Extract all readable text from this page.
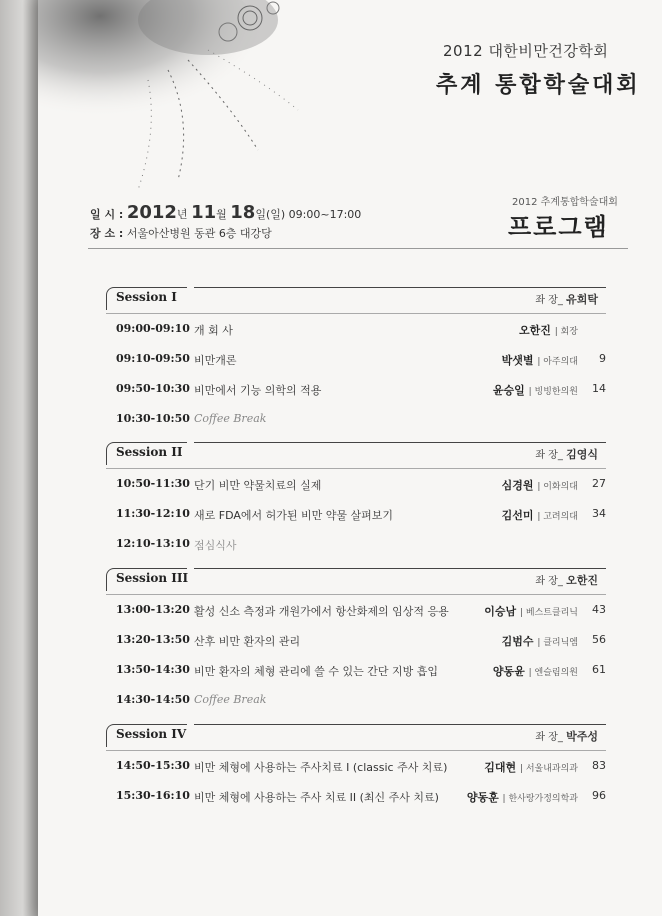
2012 대한비만건강학회
추계 통합학술대회
일 시 : 2012년 11월 18일(일) 09:00~17:00
장 소 : 서울아산병원 동관 6층 대강당
2012 추계통합학술대회
프로그램
Session I	좌 장_ 유희탁
09:00-09:10 개 회 사	오한진 | 회장
09:10-09:50 비만개론	박샛별 | 아주의대	9
09:50-10:30 비만에서 기능 의학의 적용	윤승일 | 빙빙한의원	14
10:30-10:50 Coffee Break
Session II	좌 장_ 김영식
10:50-11:30 단기 비만 약물치료의 실제	심경원 | 이화의대	27
11:30-12:10 새로 FDA에서 허가된 비만 약물 살펴보기	김선미 | 고려의대	34
12:10-13:10 점심식사
Session III	좌 장_ 오한진
13:00-13:20 활성 신소 측정과 개원가에서 항산화제의 임상적 응용	이승남 | 베스트클리닉	43
13:20-13:50 산후 비만 환자의 관리	김범수 | 클리닉엠	56
13:50-14:30 비만 환자의 체형 관리에 쓸 수 있는 간단 지방 흡입	양동윤 | 엔슬림의원	61
14:30-14:50 Coffee Break
Session IV	좌 장_ 박주성
14:50-15:30 비만 체형에 사용하는 주사치료 I (classic 주사 치료)	김대현 | 서울내과의과	83
15:30-16:10 비만 체형에 사용하는 주사 치료 II (최신 주사 치료)	양동훈 | 한사랑가정의학과	96
